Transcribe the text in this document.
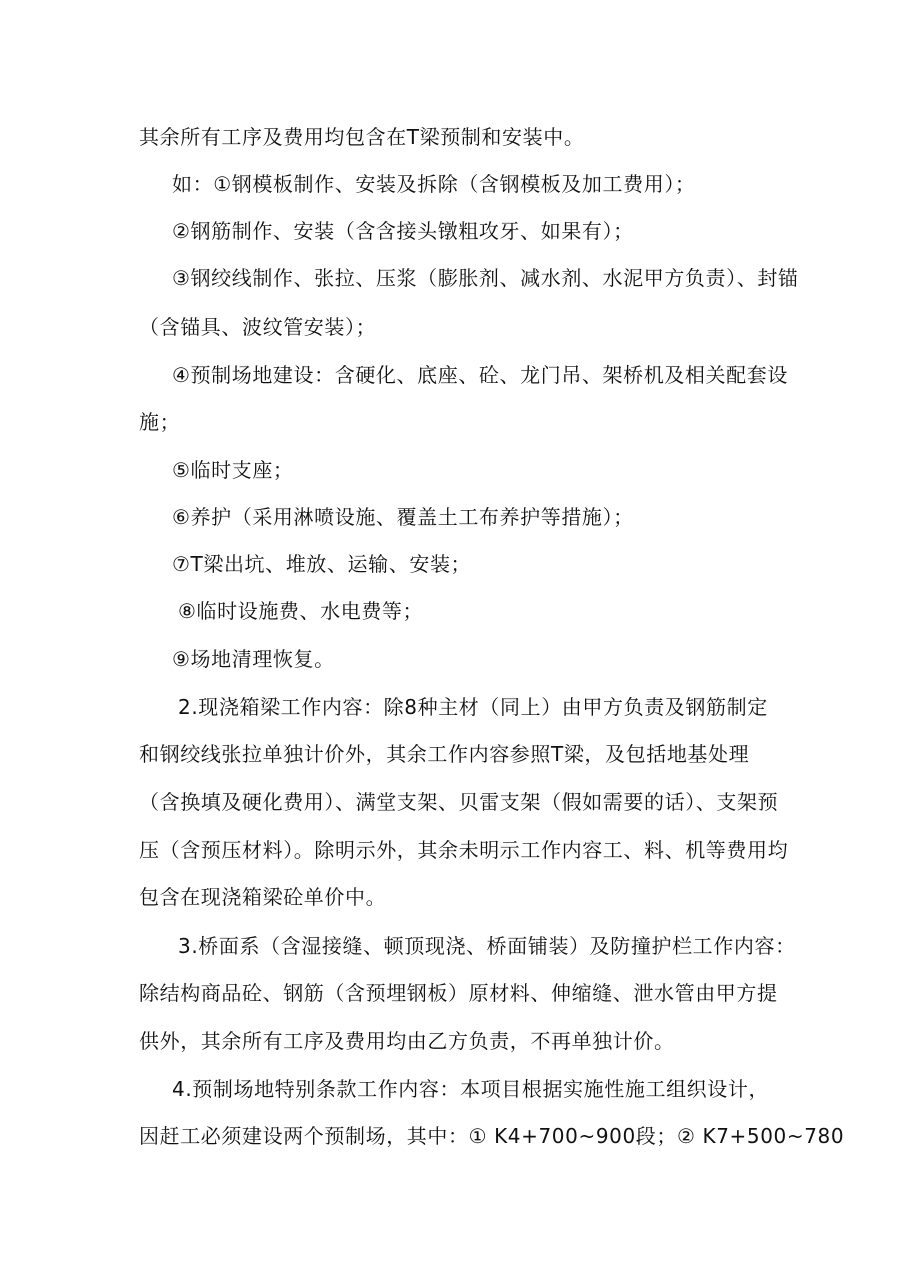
其余所有工序及费用均包含在T梁预制和安装中。
如：①钢模板制作、安装及拆除（含钢模板及加工费用）；
②钢筋制作、安装（含含接头镦粗攻牙、如果有）；
③钢绞线制作、张拉、压浆（膨胀剂、减水剂、水泥甲方负责）、封锚
（含锚具、波纹管安装）；
④预制场地建设：含硬化、底座、砼、龙门吊、架桥机及相关配套设
施；
⑤临时支座；
⑥养护（采用淋喷设施、覆盖土工布养护等措施）；
⑦T梁出坑、堆放、运输、安装；
⑧临时设施费、水电费等；
⑨场地清理恢复。
2.现浇箱梁工作内容：除8种主材（同上）由甲方负责及钢筋制定
和钢绞线张拉单独计价外，其余工作内容参照T梁，及包括地基处理
（含换填及硬化费用）、满堂支架、贝雷支架（假如需要的话）、支架预
压（含预压材料）。除明示外，其余未明示工作内容工、料、机等费用均
包含在现浇箱梁砼单价中。
3.桥面系（含湿接缝、顿顶现浇、桥面铺装）及防撞护栏工作内容：
除结构商品砼、钢筋（含预埋钢板）原材料、伸缩缝、泄水管由甲方提
供外，其余所有工序及费用均由乙方负责，不再单独计价。
4.预制场地特别条款工作内容：本项目根据实施性施工组织设计，
因赶工必须建设两个预制场，其中：① K4+700~900段；② K7+500~780
